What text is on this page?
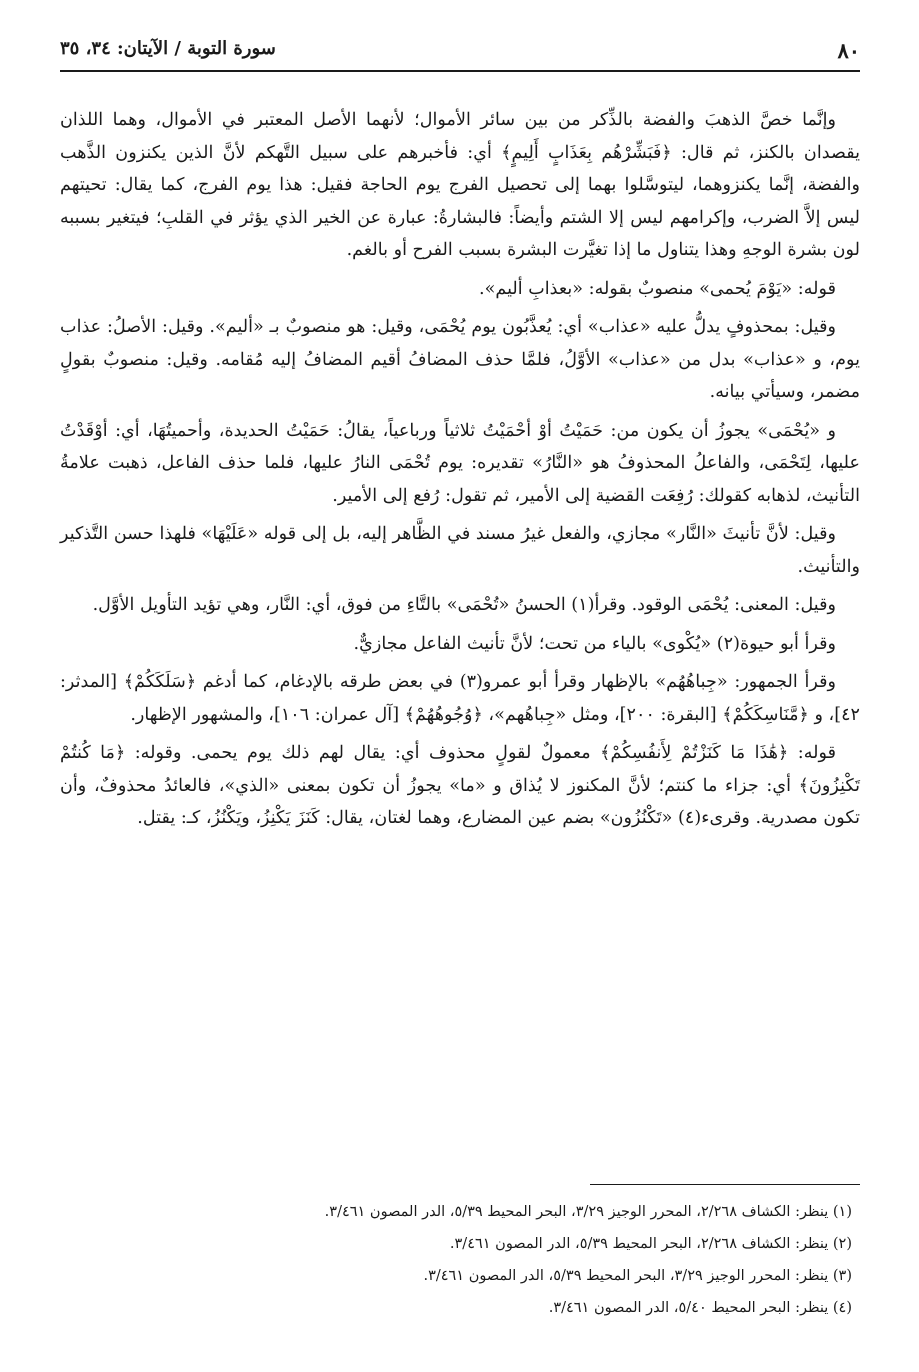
٨٠
سورة التوبة / الآيتان: ٣٤، ٣٥

وإنَّما خصَّ الذهبَ والفضة بالذِّكر من بين سائر الأموال؛ لأنهما الأصل المعتبر في الأموال، وهما اللذان يقصدان بالكنز، ثم قال: ﴿فَبَشِّرْهُم بِعَذَابٍ أَلِيمٍ﴾ أي: فأخبرهم على سبيل التَّهكم لأنَّ الذين يكنزون الذَّهب والفضة، إنَّما يكنزوهما، ليتوسَّلوا بهما إلى تحصيل الفرج يوم الحاجة فقيل: هذا يوم الفرج، كما يقال: تحيتهم ليس إلاَّ الضرب، وإكرامهم ليس إلا الشتم وأيضاً: فالبشارةُ: عبارة عن الخير الذي يؤثر في القلبِ؛ فيتغير بسببه لون بشرة الوجهِ وهذا يتناول ما إذا تغيَّرت البشرة بسبب الفرح أو بالغم.

قوله: «يَوْمَ يُحمى» منصوبٌ بقوله: «بعذابِ أليم».

وقيل: بمحذوفٍ يدلُّ عليه «عذاب» أي: يُعذَّبُون يوم يُحْمَى، وقيل: هو منصوبٌ بـ «أليم». وقيل: الأصلُ: عذاب يوم، و «عذاب» بدل من «عذاب» الأوَّلُ، فلمَّا حذف المضافُ أقيم المضافُ إليه مُقامه. وقيل: منصوبٌ بقولٍ مضمر، وسيأتي بيانه.

و «يُحْمَى» يجوزُ أن يكون من: حَمَيْتُ أوْ أحْمَيْتُ ثلاثياً ورباعياً، يقالُ: حَمَيْتُ الحديدة، وأحميتُهَا، أي: أوْقَدْتُ عليها، لِتَحْمَى، والفاعلُ المحذوفُ هو «النَّارُ» تقديره: يوم تُحْمَى النارُ عليها، فلما حذف الفاعل، ذهبت علامةُ التأنيث، لذهابه كقولك: رُفِعَت القضية إلى الأمير، ثم تقول: رُفع إلى الأمير.

وقيل: لأنَّ تأنيثَ «النَّار» مجازي، والفعل غيرُ مسند في الظَّاهر إليه، بل إلى قوله «عَلَيْهَا» فلهذا حسن التَّذكير والتأنيث.

وقيل: المعنى: يُحْمَى الوقود. وقرأ(١) الحسنُ «تُحْمَى» بالتَّاءِ من فوق، أي: النَّار، وهي تؤيد التأويل الأوَّل.

وقرأ أبو حيوة(٢) «يُكْوى» بالياء من تحت؛ لأنَّ تأنيث الفاعل مجازيٌّ.

وقرأ الجمهور: «جِباهُهُم» بالإظهار وقرأ أبو عمرو(٣) في بعض طرقه بالإدغام، كما أدغم ﴿سَلَكَكُمْ﴾ [المدثر: ٤٢]، و ﴿مَّنَاسِكَكُمْ﴾ [البقرة: ٢٠٠]، ومثل «جِباهُهم»، ﴿وُجُوهُهُمْ﴾ [آل عمران: ١٠٦]، والمشهور الإظهار.

قوله: ﴿هَٰذَا مَا كَنَزْتُمْ لِأَنفُسِكُمْ﴾ معمولٌ لقولٍ محذوف أي: يقال لهم ذلك يوم يحمى. وقوله: ﴿مَا كُنتُمْ تَكْنِزُونَ﴾ أي: جزاء ما كنتم؛ لأنَّ المكنوز لا يُذاق و «ما» يجوزُ أن تكون بمعنى «الذي»، فالعائدُ محذوفٌ، وأن تكون مصدرية. وقرىء(٤) «تَكْنُزُون» بضم عين المضارع، وهما لغتان، يقال: كَنَزَ يَكْنِزُ، ويَكْنُزُ، كـ: يقتل.

(١) ينظر: الكشاف ٢/٢٦٨، المحرر الوجيز ٣/٢٩، البحر المحيط ٥/٣٩، الدر المصون ٣/٤٦١.

(٢) ينظر: الكشاف ٢/٢٦٨، البحر المحيط ٥/٣٩، الدر المصون ٣/٤٦١.

(٣) ينظر: المحرر الوجيز ٣/٢٩، البحر المحيط ٥/٣٩، الدر المصون ٣/٤٦١.

(٤) ينظر: البحر المحيط ٥/٤٠، الدر المصون ٣/٤٦١.
